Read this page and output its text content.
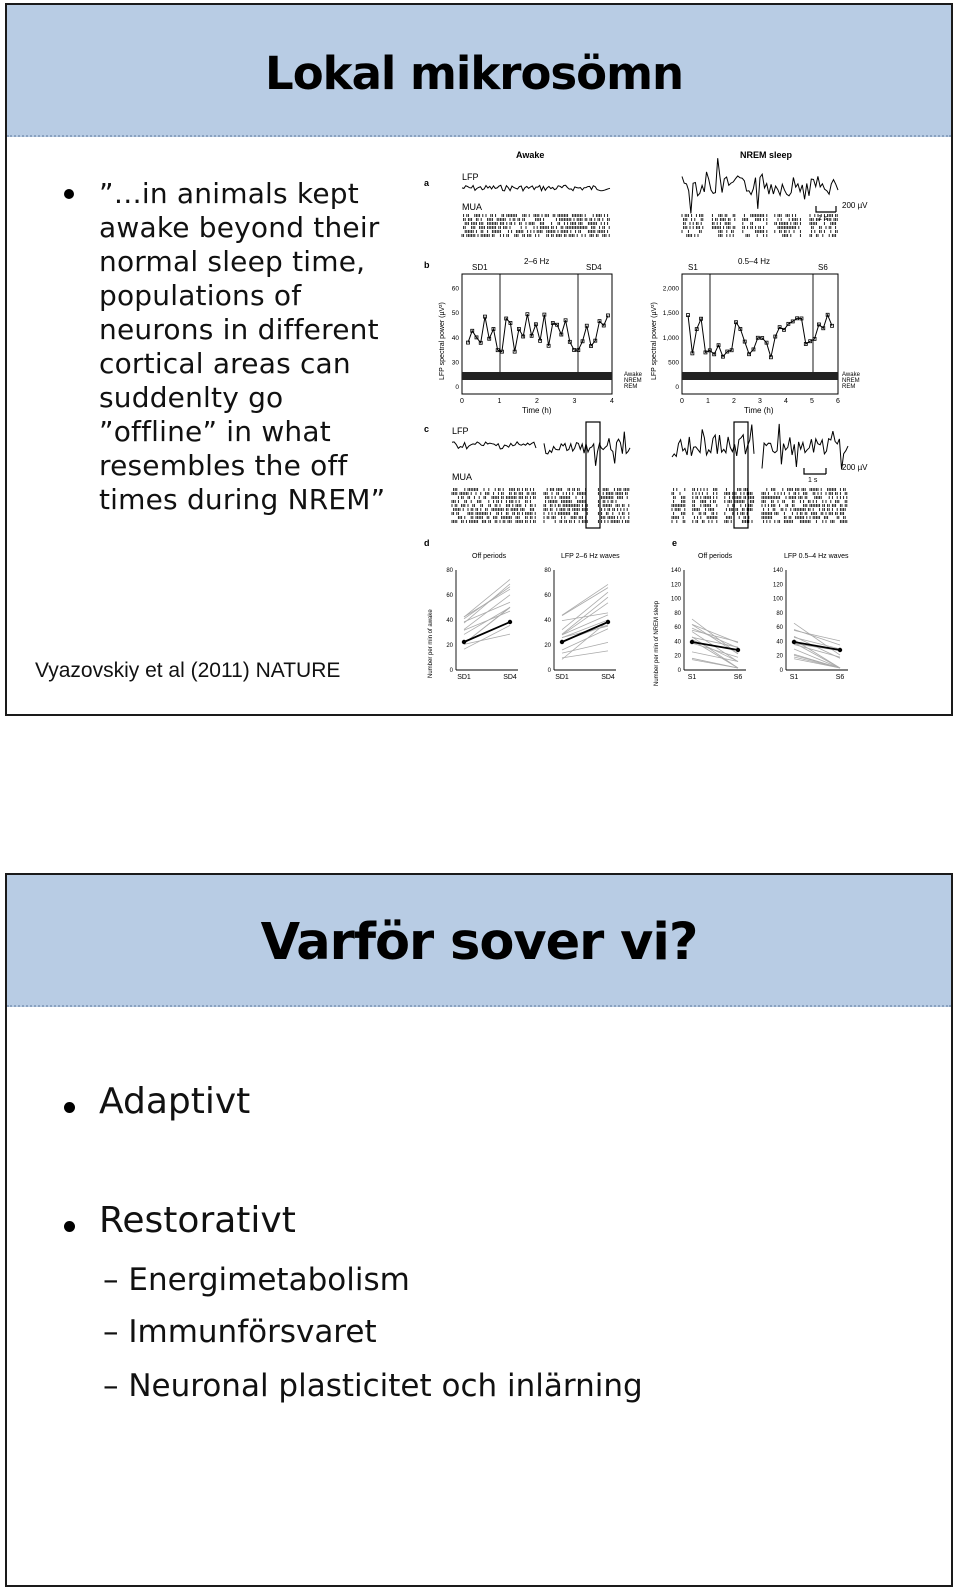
Lokal mikrosömn
”…in animals kept awake beyond their normal sleep time, populations of neurons in different cortical areas can suddenlty go ”offline” in what resembles the off times during NREM”
Vyazovskiy et al (2011) NATURE
Awake	NREM sleep
a
LFP
MUA
1 s
200 µV
b	SD1
2–6 Hz
SD4	S1
0.5–4 Hz
S6
LFP spectral power (µV²)	LFP spectral power (µV²)
0
30
40
50
60
0	1	2	3	4
0
500
1,000
1,500
2,000
0	1	2	3	4	5	6
Awake
NREM
REM
Awake
NREM
REM
Time (h)	Time (h)
c	LFP
MUA	1 s
200 µV
d	e
Off periods	LFP 2–6 Hz waves	Off periods	LFP 0.5–4 Hz waves
Number per min of awake	Number per min of NREM sleep
0
20
40
60
80
SD1	SD4
0
20
40
60
80
SD1	SD4
0
20
40
60
80
100
120
140
S1	S6
0
20
40
60
80
100
120
140
S1	S6
Varför sover vi?
Adaptivt
Restorativt
– Energimetabolism
– Immunförsvaret
– Neuronal plasticitet och inlärning
